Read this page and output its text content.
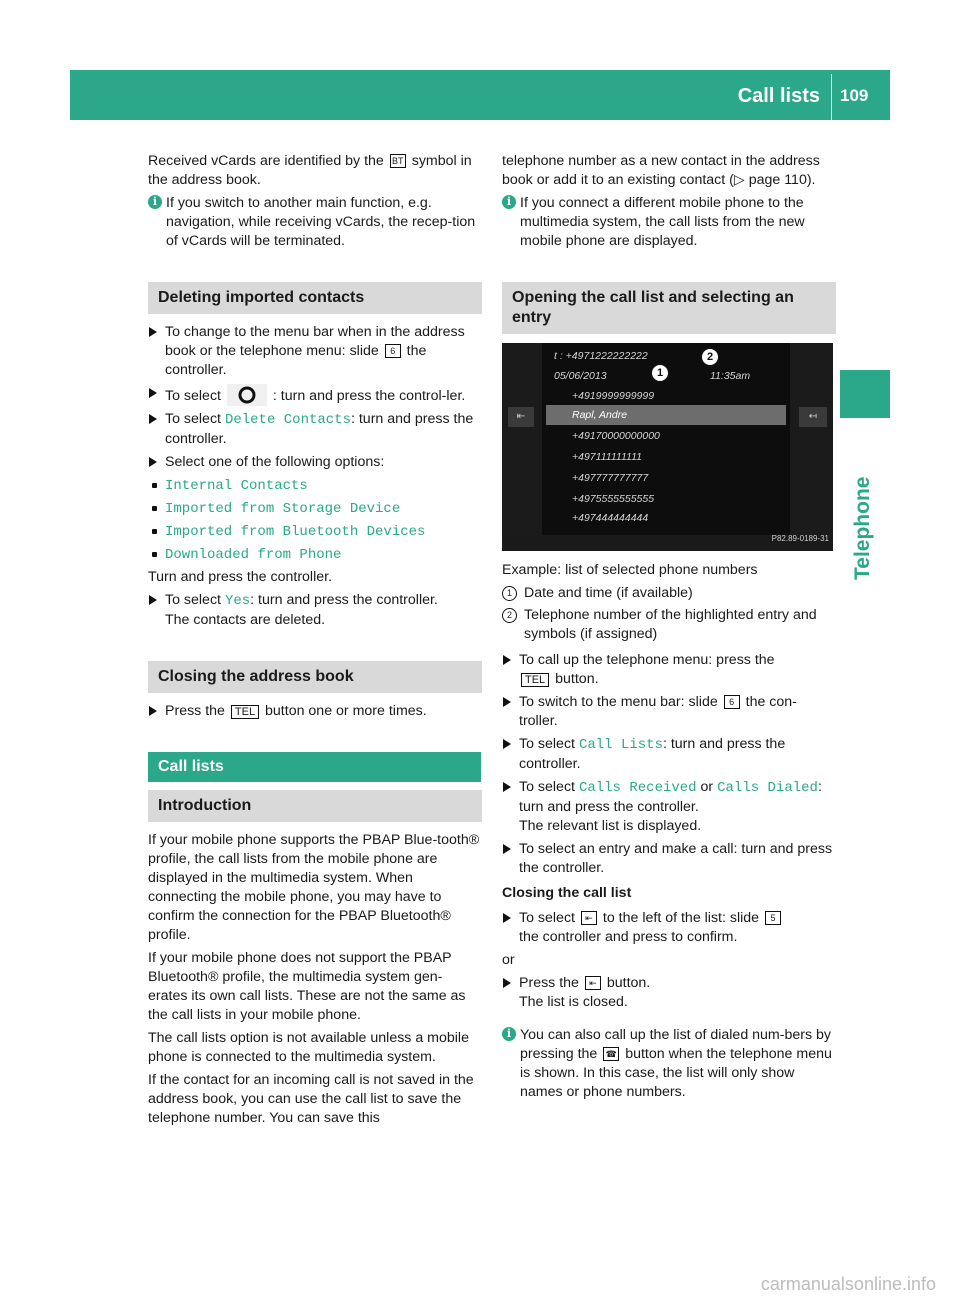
Call lists 109
Telephone

Received vCards are identified by the BT symbol in the address book.

i If you switch to another main function, e.g. navigation, while receiving vCards, the recep-tion of vCards will be terminated.
Deleting imported contacts
To change to the menu bar when in the address book or the telephone menu: slide 6 the controller.
To select	: turn and press the control-ler.
To select Delete Contacts: turn and press the controller.
Select one of the following options:
Internal Contacts
Imported from Storage Device
Imported from Bluetooth Devices
Downloaded from Phone

Turn and press the controller.

To select Yes: turn and press the controller.
The contacts are deleted.
Closing the address book
Press the TEL button one or more times.
Call lists
Introduction

If your mobile phone supports the PBAP Blue-tooth® profile, the call lists from the mobile phone are displayed in the multimedia system. When connecting the mobile phone, you may have to confirm the connection for the PBAP Bluetooth® profile.

If your mobile phone does not support the PBAP Bluetooth® profile, the multimedia system gen-erates its own call lists. These are not the same as the call lists in your mobile phone.

The call lists option is not available unless a mobile phone is connected to the multimedia system.

If the contact for an incoming call is not saved in the address book, you can use the call list to save the telephone number. You can save this

telephone number as a new contact in the address book or add it to an existing contact (▷ page 110).

i If you connect a different mobile phone to the multimedia system, the call lists from the new mobile phone are displayed.
Opening the call list and selecting an entry
⇤	↤
t : +4971222222222
05/06/2013	11:35am
+4919999999999
Rapl, Andre
+49170000000000
+497111111111
+497777777777
+4975555555555
+497444444444
1
2
P82.89-0189-31

Example: list of selected phone numbers

1 Date and time (if available)
2 Telephone number of the highlighted entry and symbols (if assigned)
To call up the telephone menu: press the
TEL button.
To switch to the menu bar: slide 6 the con-troller.
To select Call Lists: turn and press the controller.
To select Calls Received or Calls Dialed:
turn and press the controller.
The relevant list is displayed.
To select an entry and make a call: turn and press the controller.

Closing the call list

To select ⇤ to the left of the list: slide 5
the controller and press to confirm.

or

Press the ⇤ button.
The list is closed.
i You can also call up the list of dialed num-bers by pressing the ☎ button when the telephone menu is shown. In this case, the list will only show names or phone numbers.
carmanualsonline.info
